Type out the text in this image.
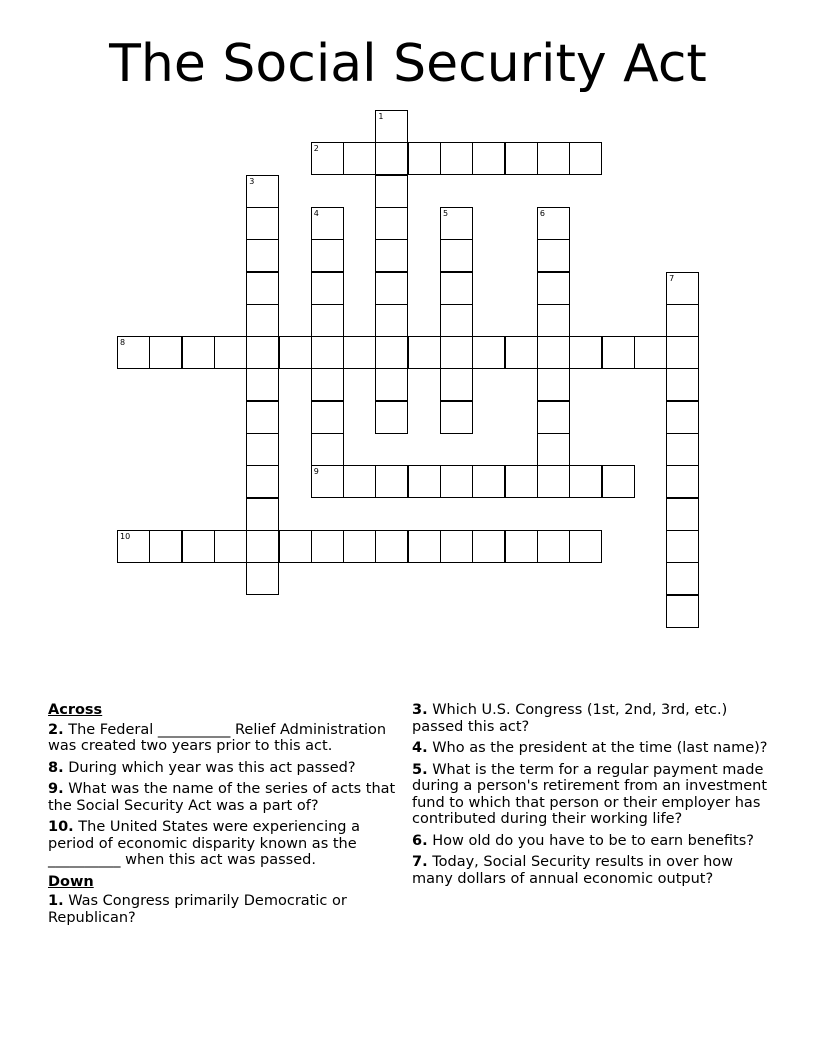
The Social Security Act
1
2
3
4	5	6
7
8
9
10
Across
2. The Federal __________ Relief Administration was created two years prior to this act.
8. During which year was this act passed?
9. What was the name of the series of acts that the Social Security Act was a part of?
10. The United States were experiencing a period of economic disparity known as the __________ when this act was passed.
Down
1. Was Congress primarily Democratic or Republican?
3. Which U.S. Congress (1st, 2nd, 3rd, etc.) passed this act?
4. Who as the president at the time (last name)?
5. What is the term for a regular payment made during a person's retirement from an investment fund to which that person or their employer has contributed during their working life?
6. How old do you have to be to earn benefits?
7. Today, Social Security results in over how many dollars of annual economic output?
